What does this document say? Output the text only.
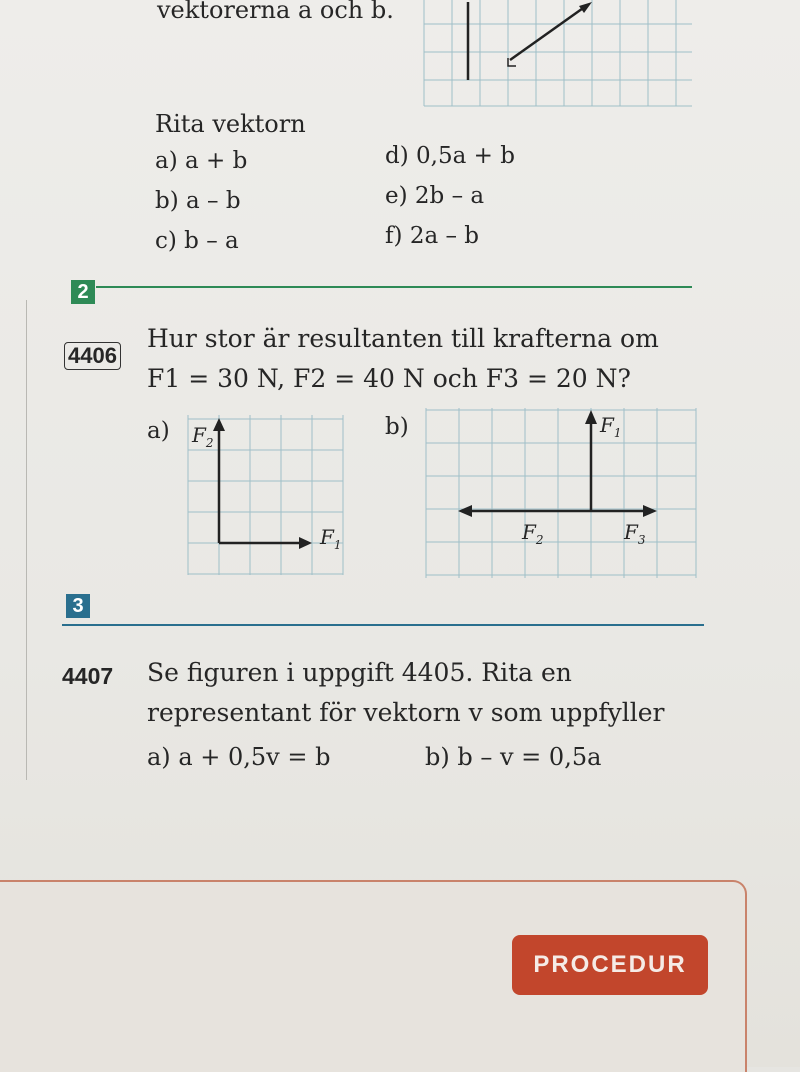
vektorerna a och b.
Rita vektorn
a) a + b
b) a – b
c) b – a
d) 0,5a + b
e) 2b – a
f) 2a – b
2
4406
Hur stor är resultanten till krafterna om
F1 = 30 N, F2 = 40 N och F3 = 20 N?
a)	b)
$F_2$
$F_1$
$F_1$
$F_2$	$F_3$
3
4407 Se figuren i uppgift 4405. Rita en
representant för vektorn v som uppfyller
a) a + 0,5v = b	b) b – v = 0,5a
PROCEDUR
